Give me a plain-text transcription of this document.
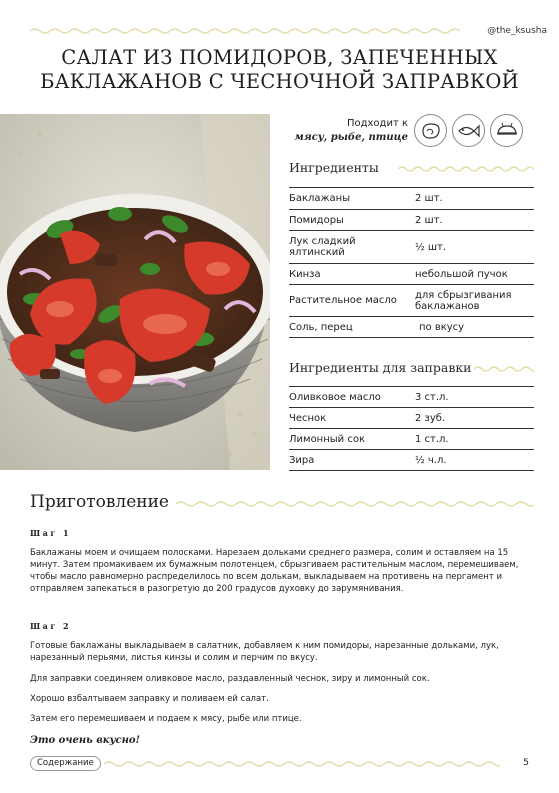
@the_ksusha
САЛАТ ИЗ ПОМИДОРОВ, ЗАПЕЧЕННЫХ
БАКЛАЖАНОВ С ЧЕСНОЧНОЙ ЗАПРАВКОЙ
Подходит к
мясу, рыбе, птице
Ингредиенты
Баклажаны	2 шт.
Помидоры	2 шт.
Лук сладкий ялтинский	½ шт.
Кинза	небольшой пучок
Растительное масло	для сбрызгивания баклажанов
Соль, перец	по вкусу
Ингредиенты для заправки
Оливковое масло	3 ст.л.
Чеснок	2 зуб.
Лимонный сок	1 ст.л.
Зира	½ ч.л.
Приготовление
Шаг 1
Баклажаны моем и очищаем полосками. Нарезаем дольками среднего размера, солим и оставляем на 15 минут. Затем промакиваем их бумажным полотенцем, сбрызгиваем растительным маслом, перемешиваем, чтобы масло равномерно распределилось по всем долькам, выкладываем на противень на пергамент и отправляем запекаться в разогретую до 200 градусов духовку до зарумянивания.
Шаг 2
Готовые баклажаны выкладываем в салатник, добавляем к ним помидоры, нарезанные дольками, лук, нарезанный перьями, листья кинзы и солим и перчим по вкусу.
Для заправки соединяем оливковое масло, раздавленный чеснок, зиру и лимонный сок.
Хорошо взбалтываем заправку и поливаем ей салат.
Затем его перемешиваем и подаем к мясу, рыбе или птице.
Это очень вкусно!
Содержание	5
